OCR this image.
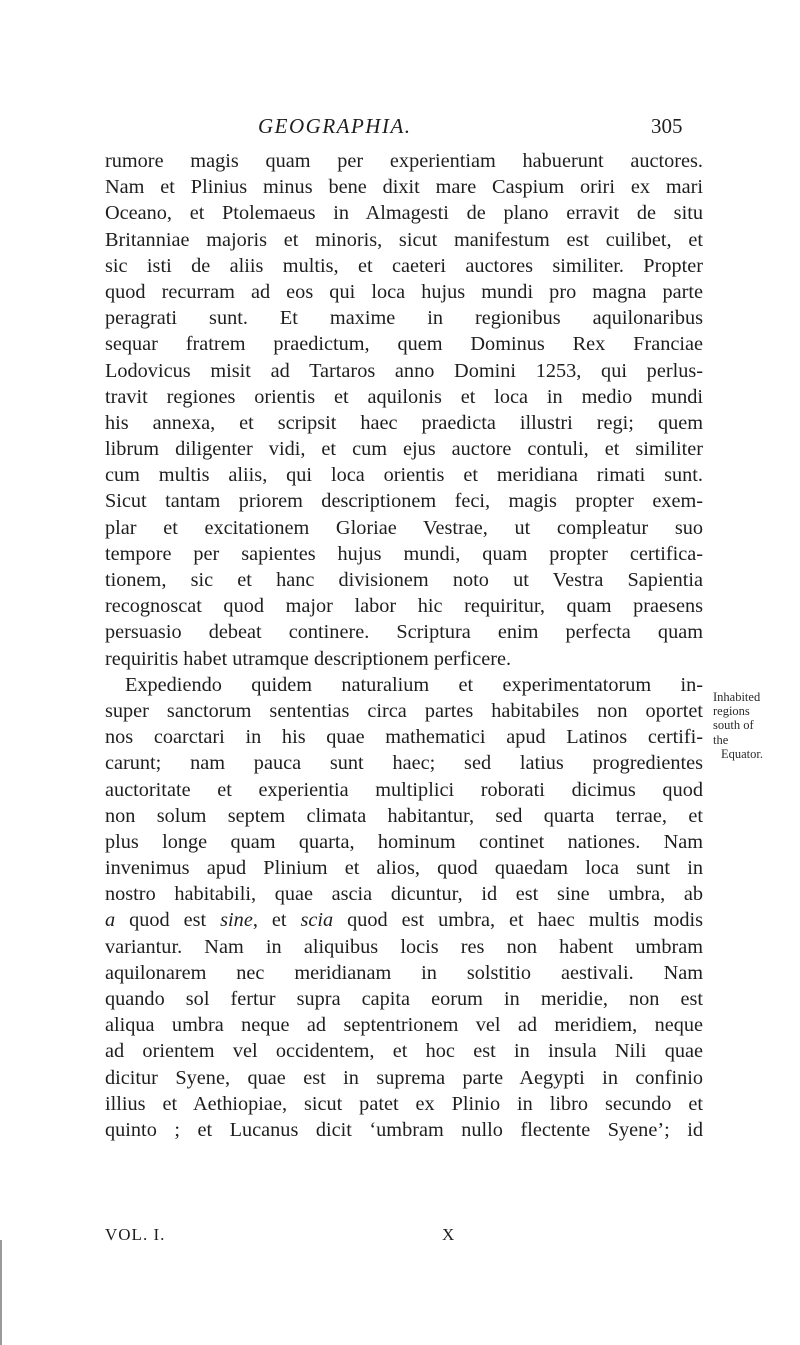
GEOGRAPHIA.	305
rumore magis quam per experientiam habuerunt auctores.
Nam et Plinius minus bene dixit mare Caspium oriri ex mari
Oceano, et Ptolemaeus in Almagesti de plano erravit de situ
Britanniae majoris et minoris, sicut manifestum est cuilibet, et
sic isti de aliis multis, et caeteri auctores similiter. Propter
quod recurram ad eos qui loca hujus mundi pro magna parte
peragrati sunt. Et maxime in regionibus aquilonaribus
sequar fratrem praedictum, quem Dominus Rex Franciae
Lodovicus misit ad Tartaros anno Domini 1253, qui perlus-
travit regiones orientis et aquilonis et loca in medio mundi
his annexa, et scripsit haec praedicta illustri regi; quem
librum diligenter vidi, et cum ejus auctore contuli, et similiter
cum multis aliis, qui loca orientis et meridiana rimati sunt.
Sicut tantam priorem descriptionem feci, magis propter exem-
plar et excitationem Gloriae Vestrae, ut compleatur suo
tempore per sapientes hujus mundi, quam propter certifica-
tionem, sic et hanc divisionem noto ut Vestra Sapientia
recognoscat quod major labor hic requiritur, quam praesens
persuasio debeat continere. Scriptura enim perfecta quam
requiritis habet utramque descriptionem perficere.
Expediendo quidem naturalium et experimentatorum in-
super sanctorum sententias circa partes habitabiles non oportet
nos coarctari in his quae mathematici apud Latinos certifi-
carunt; nam pauca sunt haec; sed latius progredientes
auctoritate et experientia multiplici roborati dicimus quod
non solum septem climata habitantur, sed quarta terrae, et
plus longe quam quarta, hominum continet nationes. Nam
invenimus apud Plinium et alios, quod quaedam loca sunt in
nostro habitabili, quae ascia dicuntur, id est sine umbra, ab
a quod est sine, et scia quod est umbra, et haec multis modis
variantur. Nam in aliquibus locis res non habent umbram
aquilonarem nec meridianam in solstitio aestivali. Nam
quando sol fertur supra capita eorum in meridie, non est
aliqua umbra neque ad septentrionem vel ad meridiem, neque
ad orientem vel occidentem, et hoc est in insula Nili quae
dicitur Syene, quae est in suprema parte Aegypti in confinio
illius et Aethiopiae, sicut patet ex Plinio in libro secundo et
quinto ; et Lucanus dicit ‘umbram nullo flectente Syene’; id
Inhabited
regions
south of
the
Equator.
VOL. I.	X
